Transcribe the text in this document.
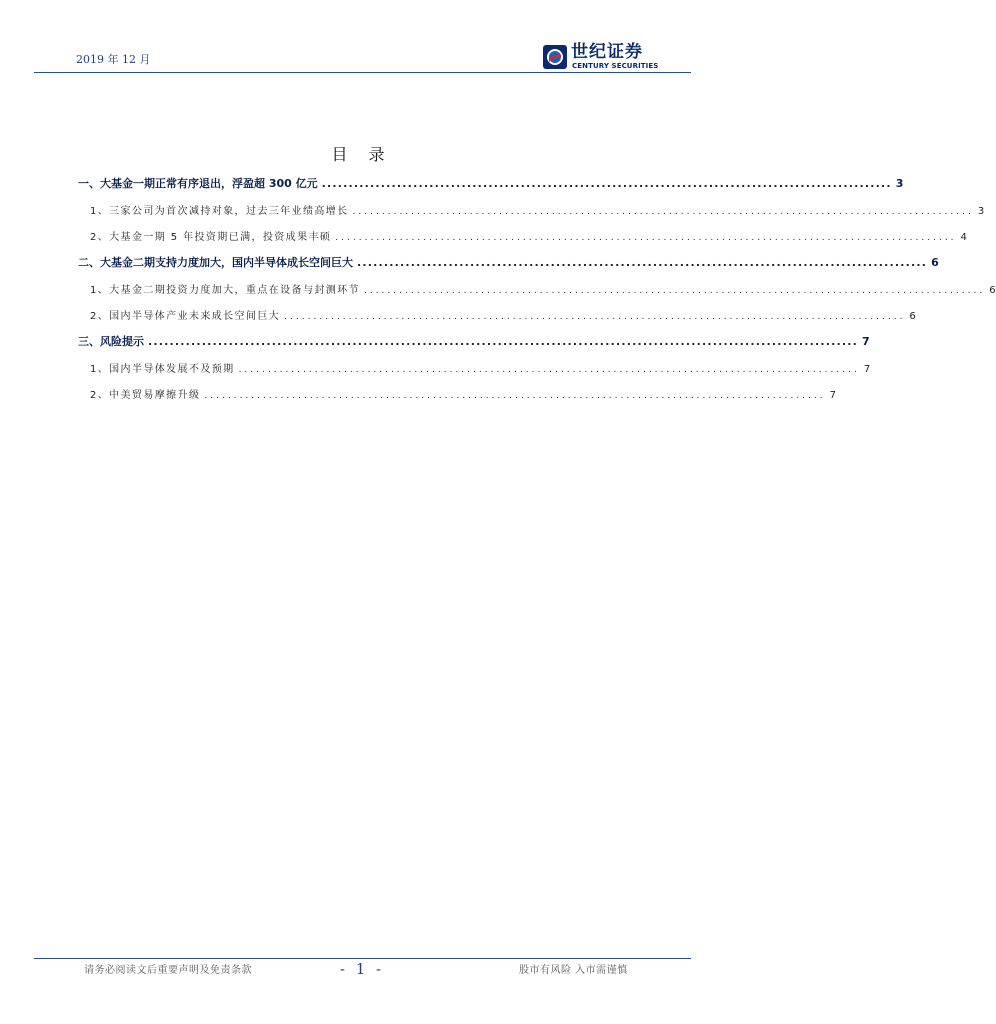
2019 年 12 月	世纪证券
CENTURY SECURITIES
目 录
一、大基金一期正常有序退出，浮盈超 300 亿元 .......................................................................................................... 3
1、三家公司为首次减持对象，过去三年业绩高增长 .......................................................................................................... 3
2、大基金一期 5 年投资期已满，投资成果丰硕 .......................................................................................................... 4
二、大基金二期支持力度加大，国内半导体成长空间巨大 .......................................................................................................... 6
1、大基金二期投资力度加大，重点在设备与封测环节 .......................................................................................................... 6
2、国内半导体产业未来成长空间巨大 .......................................................................................................... 6
三、风险提示 .................................................................................................................................... 7
1、国内半导体发展不及预期 .......................................................................................................... 7
2、中美贸易摩擦升级 .......................................................................................................... 7
请务必阅读文后重要声明及免责条款	- 1 -	股市有风险 入市需谨慎
